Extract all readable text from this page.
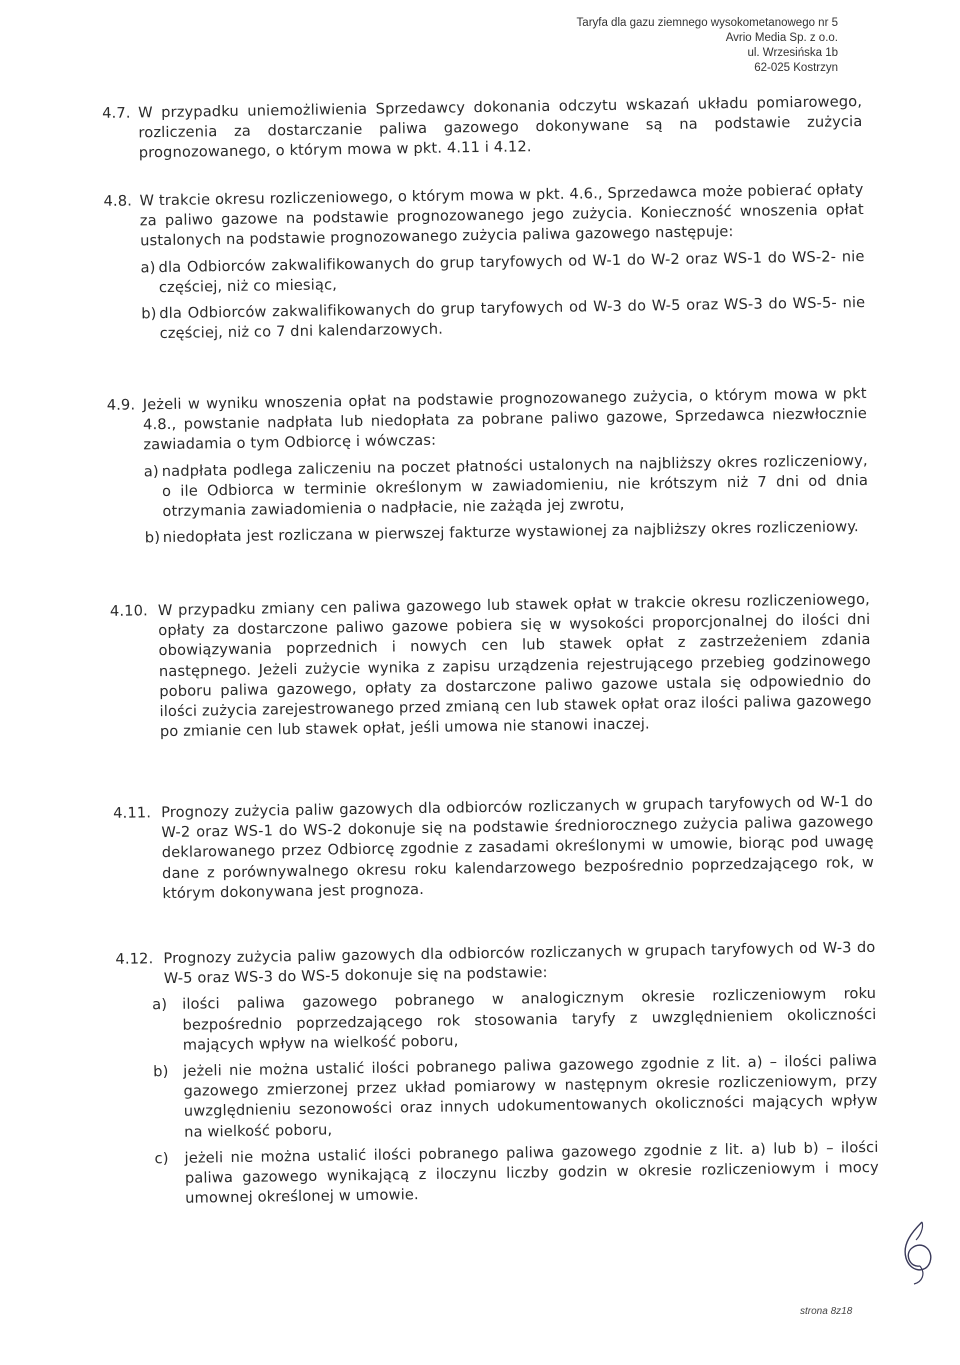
Taryfa dla gazu ziemnego wysokometanowego nr 5
Avrio Media Sp. z o.o.
ul. Wrzesińska 1b
62-025 Kostrzyn
4.7. W przypadku uniemożliwienia Sprzedawcy dokonania odczytu wskazań układu pomiarowego, rozliczenia za dostarczanie paliwa gazowego dokonywane są na podstawie zużycia prognozowanego, o którym mowa w pkt. 4.11 i 4.12.
4.8. W trakcie okresu rozliczeniowego, o którym mowa w pkt. 4.6., Sprzedawca może pobierać opłaty za paliwo gazowe na podstawie prognozowanego jego zużycia. Konieczność wnoszenia opłat ustalonych na podstawie prognozowanego zużycia paliwa gazowego następuje:
a) dla Odbiorców zakwalifikowanych do grup taryfowych od W-1 do W-2 oraz WS-1 do WS-2- nie częściej, niż co miesiąc,
b) dla Odbiorców zakwalifikowanych do grup taryfowych od W-3 do W-5 oraz WS-3 do WS-5- nie częściej, niż co 7 dni kalendarzowych.
4.9. Jeżeli w wyniku wnoszenia opłat na podstawie prognozowanego zużycia, o którym mowa w pkt 4.8., powstanie nadpłata lub niedopłata za pobrane paliwo gazowe, Sprzedawca niezwłocznie zawiadamia o tym Odbiorcę i wówczas:
a) nadpłata podlega zaliczeniu na poczet płatności ustalonych na najbliższy okres rozliczeniowy, o ile Odbiorca w terminie określonym w zawiadomieniu, nie krótszym niż 7 dni od dnia otrzymania zawiadomienia o nadpłacie, nie zażąda jej zwrotu,
b) niedopłata jest rozliczana w pierwszej fakturze wystawionej za najbliższy okres rozliczeniowy.
4.10. W przypadku zmiany cen paliwa gazowego lub stawek opłat w trakcie okresu rozliczeniowego, opłaty za dostarczone paliwo gazowe pobiera się w wysokości proporcjonalnej do ilości dni obowiązywania poprzednich i nowych cen lub stawek opłat z zastrzeżeniem zdania następnego. Jeżeli zużycie wynika z zapisu urządzenia rejestrującego przebieg godzinowego poboru paliwa gazowego, opłaty za dostarczone paliwo gazowe ustala się odpowiednio do ilości zużycia zarejestrowanego przed zmianą cen lub stawek opłat oraz ilości paliwa gazowego po zmianie cen lub stawek opłat, jeśli umowa nie stanowi inaczej.
4.11. Prognozy zużycia paliw gazowych dla odbiorców rozliczanych w grupach taryfowych od W-1 do W-2 oraz WS-1 do WS-2 dokonuje się na podstawie średniorocznego zużycia paliwa gazowego deklarowanego przez Odbiorcę zgodnie z zasadami określonymi w umowie, biorąc pod uwagę dane z porównywalnego okresu roku kalendarzowego bezpośrednio poprzedzającego rok, w którym dokonywana jest prognoza.
4.12. Prognozy zużycia paliw gazowych dla odbiorców rozliczanych w grupach taryfowych od W-3 do W-5 oraz WS-3 do WS-5 dokonuje się na podstawie:
a) ilości paliwa gazowego pobranego w analogicznym okresie rozliczeniowym roku bezpośrednio poprzedzającego rok stosowania taryfy z uwzględnieniem okoliczności mających wpływ na wielkość poboru,
b) jeżeli nie można ustalić ilości pobranego paliwa gazowego zgodnie z lit. a) – ilości paliwa gazowego zmierzonej przez układ pomiarowy w następnym okresie rozliczeniowym, przy uwzględnieniu sezonowości oraz innych udokumentowanych okoliczności mających wpływ na wielkość poboru,
c) jeżeli nie można ustalić ilości pobranego paliwa gazowego zgodnie z lit. a) lub b) – ilości paliwa gazowego wynikającą z iloczynu liczby godzin w okresie rozliczeniowym i mocy umownej określonej w umowie.
strona 8z18
